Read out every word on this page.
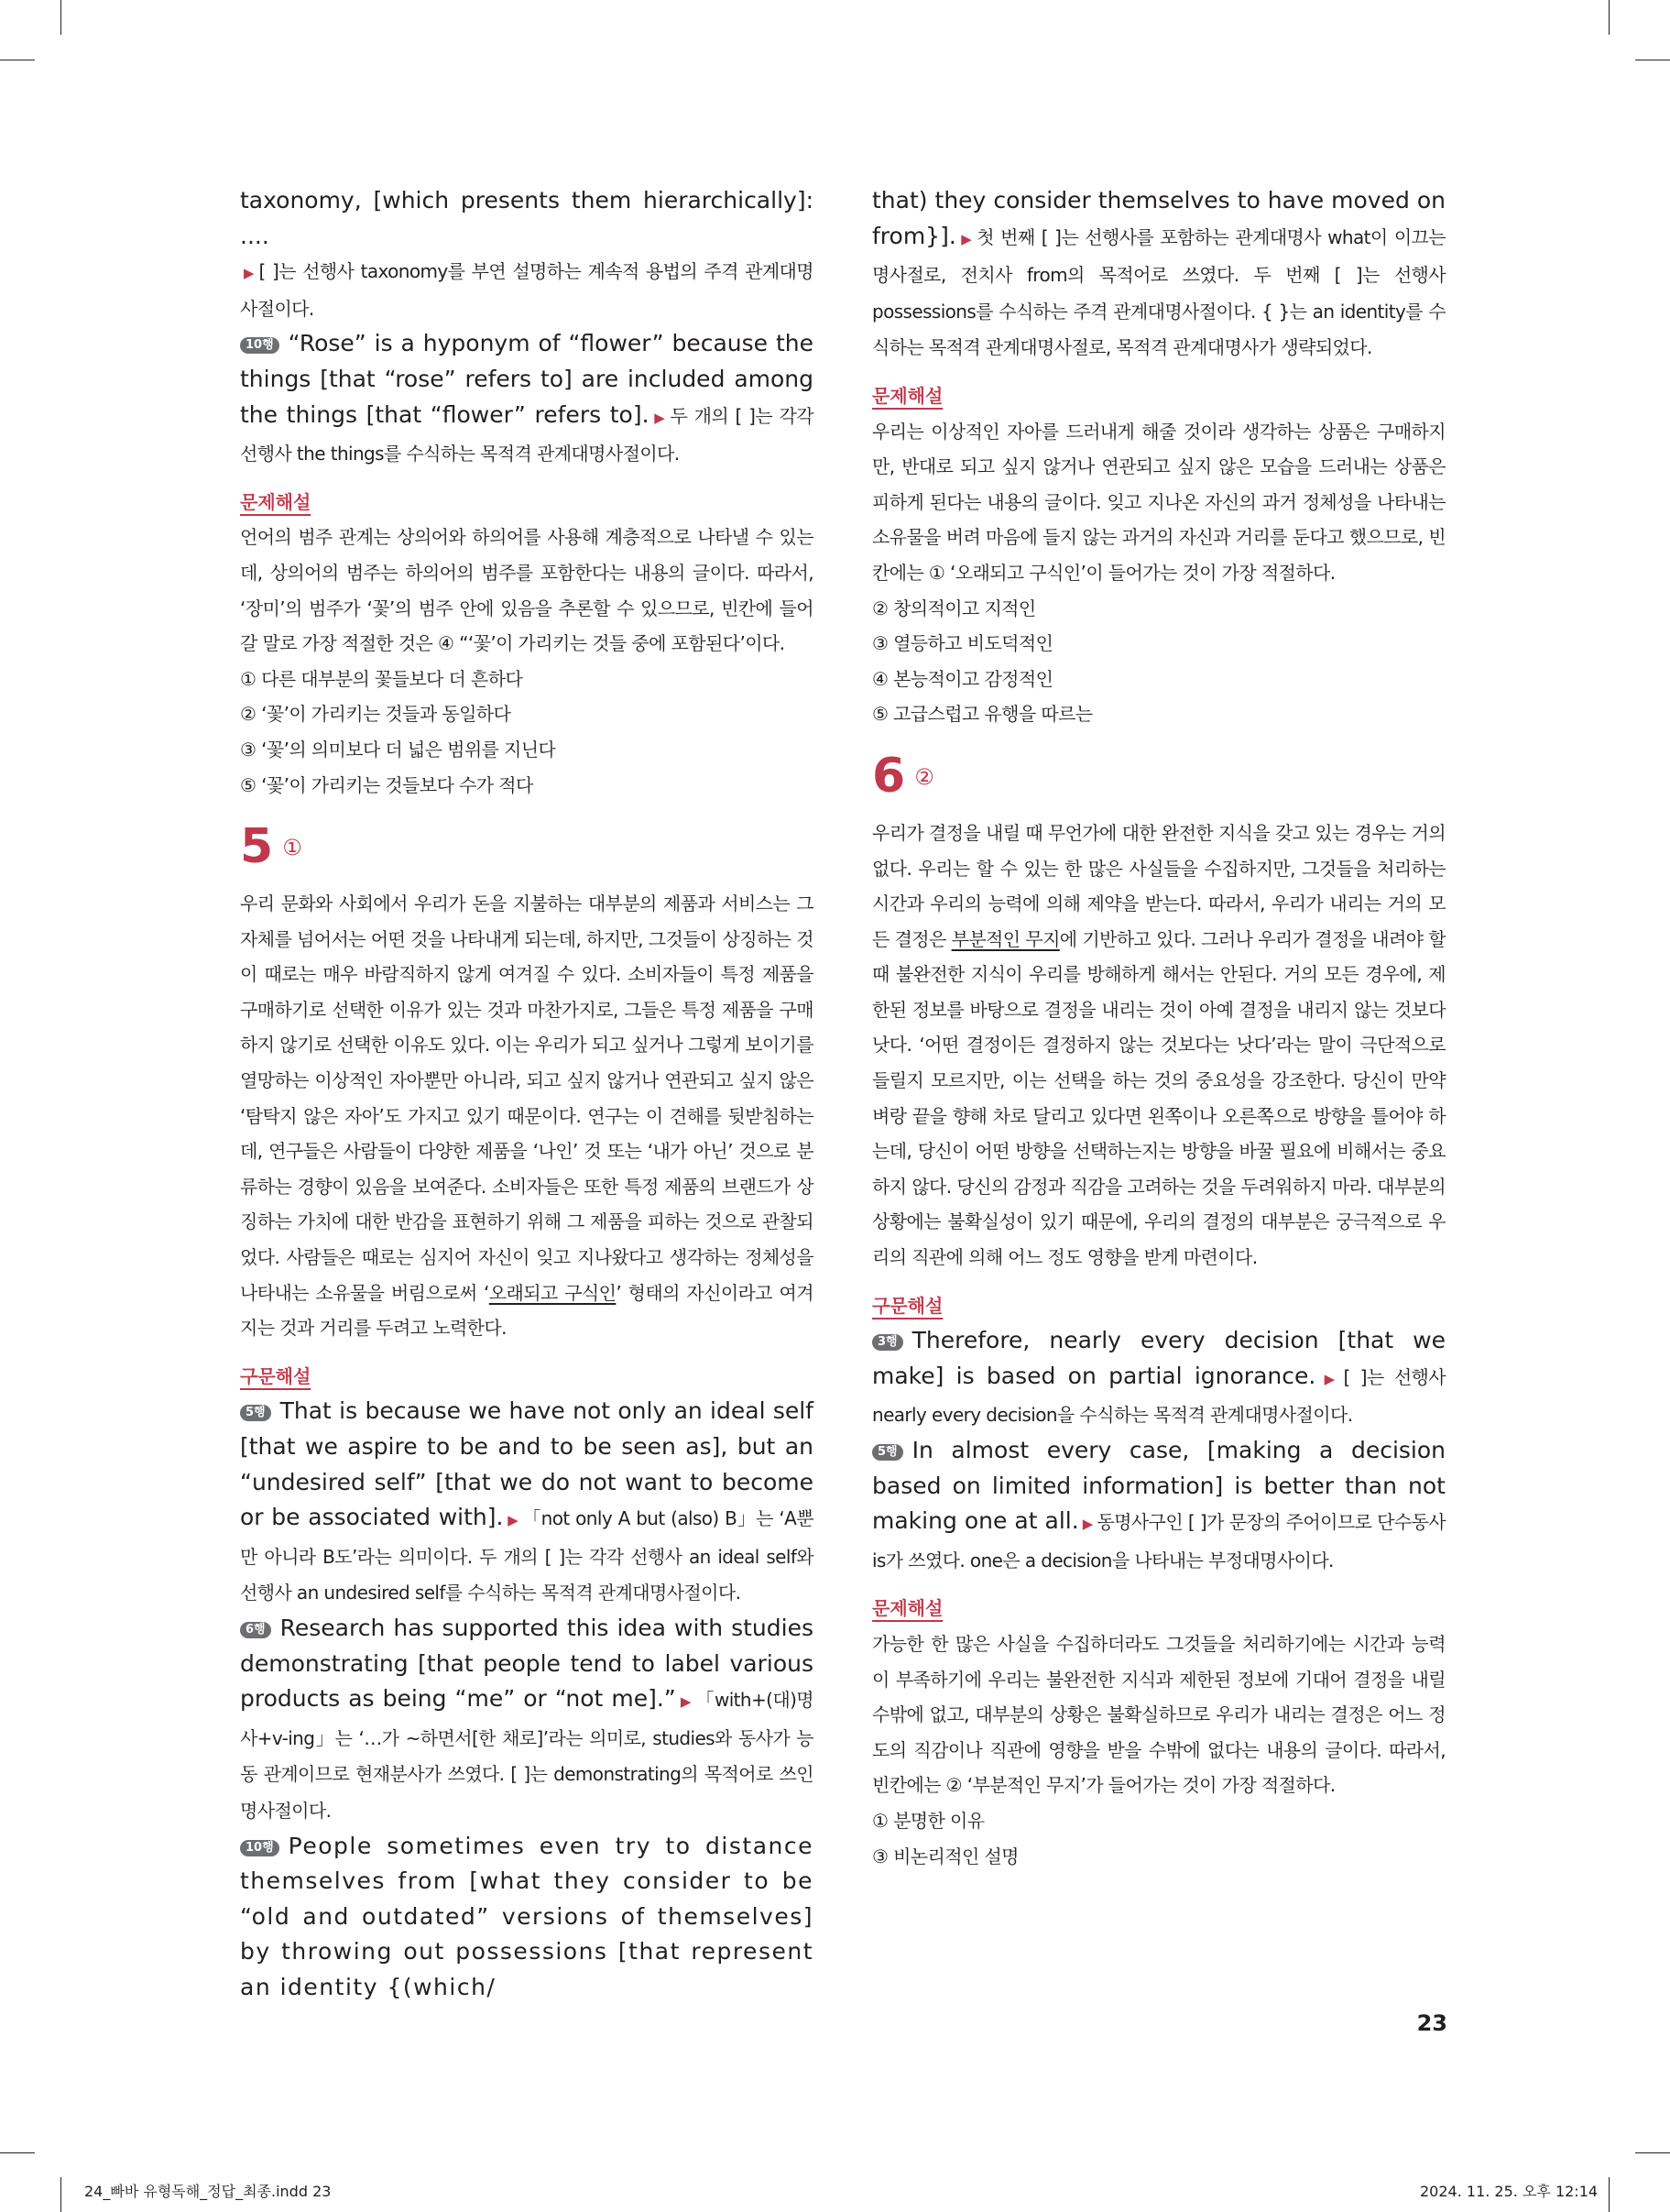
taxonomy, [which presents them hierarchically]: ....

▶ [ ]는 선행사 taxonomy를 부연 설명하는 계속적 용법의 주격 관계대명사절이다.

10행 “Rose” is a hyponym of “flower” because the things [that “rose” refers to] are included among the things [that “flower” refers to]. ▶ 두 개의 [ ]는 각각 선행사 the things를 수식하는 목적격 관계대명사절이다.

문제해설

언어의 범주 관계는 상의어와 하의어를 사용해 계층적으로 나타낼 수 있는데, 상의어의 범주는 하의어의 범주를 포함한다는 내용의 글이다. 따라서, ‘장미’의 범주가 ‘꽃’의 범주 안에 있음을 추론할 수 있으므로, 빈칸에 들어갈 말로 가장 적절한 것은 ④ “‘꽃’이 가리키는 것들 중에 포함된다’이다.

① 다른 대부분의 꽃들보다 더 흔하다

② ‘꽃’이 가리키는 것들과 동일하다

③ ‘꽃’의 의미보다 더 넓은 범위를 지닌다

⑤ ‘꽃’이 가리키는 것들보다 수가 적다

5 ①

우리 문화와 사회에서 우리가 돈을 지불하는 대부분의 제품과 서비스는 그 자체를 넘어서는 어떤 것을 나타내게 되는데, 하지만, 그것들이 상징하는 것이 때로는 매우 바람직하지 않게 여겨질 수 있다. 소비자들이 특정 제품을 구매하기로 선택한 이유가 있는 것과 마찬가지로, 그들은 특정 제품을 구매하지 않기로 선택한 이유도 있다. 이는 우리가 되고 싶거나 그렇게 보이기를 열망하는 이상적인 자아뿐만 아니라, 되고 싶지 않거나 연관되고 싶지 않은 ‘탐탁지 않은 자아’도 가지고 있기 때문이다. 연구는 이 견해를 뒷받침하는데, 연구들은 사람들이 다양한 제품을 ‘나인’ 것 또는 ‘내가 아닌’ 것으로 분류하는 경향이 있음을 보여준다. 소비자들은 또한 특정 제품의 브랜드가 상징하는 가치에 대한 반감을 표현하기 위해 그 제품을 피하는 것으로 관찰되었다. 사람들은 때로는 심지어 자신이 잊고 지나왔다고 생각하는 정체성을 나타내는 소유물을 버림으로써 ‘오래되고 구식인’ 형태의 자신이라고 여겨지는 것과 거리를 두려고 노력한다.

구문해설

5행 That is because we have not only an ideal self [that we aspire to be and to be seen as], but an “undesired self” [that we do not want to become or be associated with]. ▶ 「not only A but (also) B」는 ‘A뿐만 아니라 B도’라는 의미이다. 두 개의 [ ]는 각각 선행사 an ideal self와 선행사 an undesired self를 수식하는 목적격 관계대명사절이다.

6행 Research has supported this idea with studies demonstrating [that people tend to label various products as being “me” or “not me].” ▶ 「with+(대)명사+v-ing」는 ‘…가 ~하면서[한 채로]’라는 의미로, studies와 동사가 능동 관계이므로 현재분사가 쓰였다. [ ]는 demonstrating의 목적어로 쓰인 명사절이다.

10행 People sometimes even try to distance themselves from [what they consider to be “old and outdated” versions of themselves] by throwing out possessions [that represent an identity {(which/

that) they consider themselves to have moved on from}]. ▶ 첫 번째 [ ]는 선행사를 포함하는 관계대명사 what이 이끄는 명사절로, 전치사 from의 목적어로 쓰였다. 두 번째 [ ]는 선행사 possessions를 수식하는 주격 관계대명사절이다. { }는 an identity를 수식하는 목적격 관계대명사절로, 목적격 관계대명사가 생략되었다.

문제해설

우리는 이상적인 자아를 드러내게 해줄 것이라 생각하는 상품은 구매하지만, 반대로 되고 싶지 않거나 연관되고 싶지 않은 모습을 드러내는 상품은 피하게 된다는 내용의 글이다. 잊고 지나온 자신의 과거 정체성을 나타내는 소유물을 버려 마음에 들지 않는 과거의 자신과 거리를 둔다고 했으므로, 빈칸에는 ① ‘오래되고 구식인’이 들어가는 것이 가장 적절하다.

② 창의적이고 지적인

③ 열등하고 비도덕적인

④ 본능적이고 감정적인

⑤ 고급스럽고 유행을 따르는

6 ②

우리가 결정을 내릴 때 무언가에 대한 완전한 지식을 갖고 있는 경우는 거의 없다. 우리는 할 수 있는 한 많은 사실들을 수집하지만, 그것들을 처리하는 시간과 우리의 능력에 의해 제약을 받는다. 따라서, 우리가 내리는 거의 모든 결정은 부분적인 무지에 기반하고 있다. 그러나 우리가 결정을 내려야 할 때 불완전한 지식이 우리를 방해하게 해서는 안된다. 거의 모든 경우에, 제한된 정보를 바탕으로 결정을 내리는 것이 아예 결정을 내리지 않는 것보다 낫다. ‘어떤 결정이든 결정하지 않는 것보다는 낫다’라는 말이 극단적으로 들릴지 모르지만, 이는 선택을 하는 것의 중요성을 강조한다. 당신이 만약 벼랑 끝을 향해 차로 달리고 있다면 왼쪽이나 오른쪽으로 방향을 틀어야 하는데, 당신이 어떤 방향을 선택하는지는 방향을 바꿀 필요에 비해서는 중요하지 않다. 당신의 감정과 직감을 고려하는 것을 두려워하지 마라. 대부분의 상황에는 불확실성이 있기 때문에, 우리의 결정의 대부분은 궁극적으로 우리의 직관에 의해 어느 정도 영향을 받게 마련이다.

구문해설

3행 Therefore, nearly every decision [that we make] is based on partial ignorance. ▶ [ ]는 선행사 nearly every decision을 수식하는 목적격 관계대명사절이다.

5행 In almost every case, [making a decision based on limited information] is better than not making one at all. ▶ 동명사구인 [ ]가 문장의 주어이므로 단수동사 is가 쓰였다. one은 a decision을 나타내는 부정대명사이다.

문제해설

가능한 한 많은 사실을 수집하더라도 그것들을 처리하기에는 시간과 능력이 부족하기에 우리는 불완전한 지식과 제한된 정보에 기대어 결정을 내릴 수밖에 없고, 대부분의 상황은 불확실하므로 우리가 내리는 결정은 어느 정도의 직감이나 직관에 영향을 받을 수밖에 없다는 내용의 글이다. 따라서, 빈칸에는 ② ‘부분적인 무지’가 들어가는 것이 가장 적절하다.

① 분명한 이유

③ 비논리적인 설명

23
24_빠바 유형독해_정답_최종.indd 23	2024. 11. 25. 오후 12:14
